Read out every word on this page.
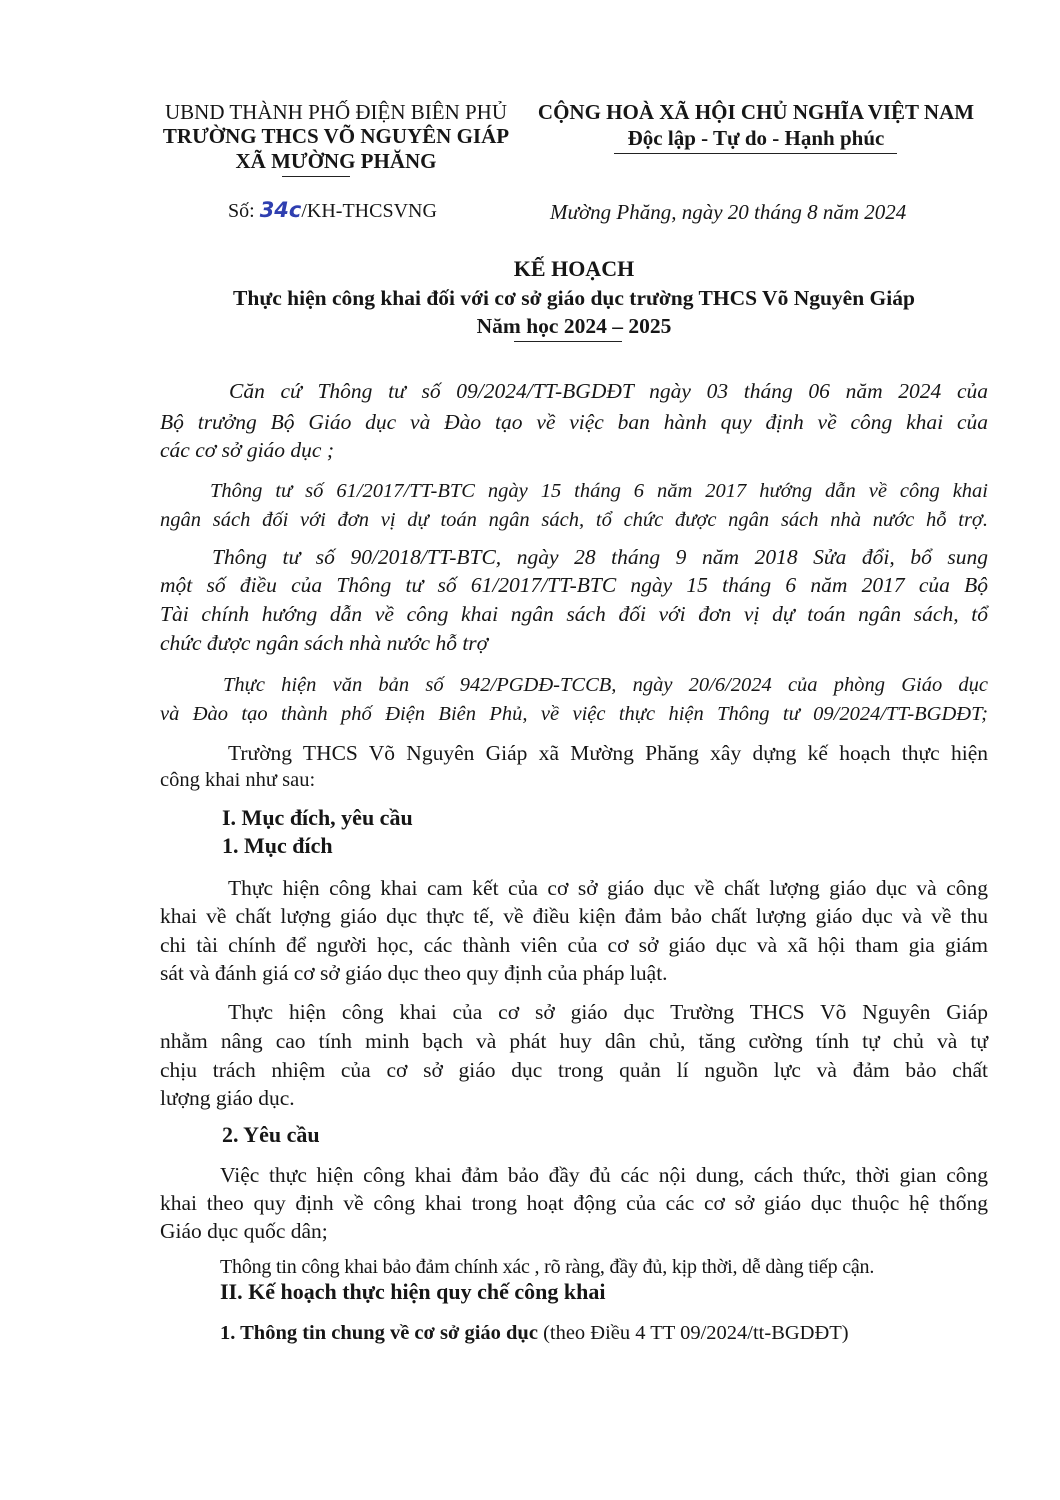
UBND THÀNH PHỐ ĐIỆN BIÊN PHỦ
TRƯỜNG THCS VÕ NGUYÊN GIÁP
XÃ MƯỜNG PHĂNG
CỘNG HOÀ XÃ HỘI CHỦ NGHĨA VIỆT NAM
Độc lập - Tự do - Hạnh phúc
Số: 34c/KH-THCSVNG	Mường Phăng, ngày 20 tháng 8 năm 2024
KẾ HOẠCH
Thực hiện công khai đối với cơ sở giáo dục trường THCS Võ Nguyên Giáp
Năm học 2024 – 2025
Căn cứ Thông tư số 09/2024/TT-BGDĐT ngày 03 tháng 06 năm 2024 của
Bộ trưởng Bộ Giáo dục và Đào tạo về việc ban hành quy định về công khai của
các cơ sở giáo dục ;
Thông tư số 61/2017/TT-BTC ngày 15 tháng 6 năm 2017 hướng dẫn về công khai
ngân sách đối với đơn vị dự toán ngân sách, tổ chức được ngân sách nhà nước hỗ trợ.
Thông tư số 90/2018/TT-BTC, ngày 28 tháng 9 năm 2018 Sửa đổi, bổ sung
một số điều của Thông tư số 61/2017/TT-BTC ngày 15 tháng 6 năm 2017 của Bộ
Tài chính hướng dẫn về công khai ngân sách đối với đơn vị dự toán ngân sách, tổ
chức được ngân sách nhà nước hỗ trợ
Thực hiện văn bản số 942/PGDĐ-TCCB, ngày 20/6/2024 của phòng Giáo dục
và Đào tạo thành phố Điện Biên Phủ, về việc thực hiện Thông tư 09/2024/TT-BGDĐT;
Trường THCS Võ Nguyên Giáp xã Mường Phăng xây dựng kế hoạch thực hiện
công khai như sau:
I. Mục đích, yêu cầu
1. Mục đích
Thực hiện công khai cam kết của cơ sở giáo dục về chất lượng giáo dục và công
khai về chất lượng giáo dục thực tế, về điều kiện đảm bảo chất lượng giáo dục và về thu
chi tài chính để người học, các thành viên của cơ sở giáo dục và xã hội tham gia giám
sát và đánh giá cơ sở giáo dục theo quy định của pháp luật.
Thực hiện công khai của cơ sở giáo dục Trường THCS Võ Nguyên Giáp
nhằm nâng cao tính minh bạch và phát huy dân chủ, tăng cường tính tự chủ và tự
chịu trách nhiệm của cơ sở giáo dục trong quản lí nguồn lực và đảm bảo chất
lượng giáo dục.
2. Yêu cầu
Việc thực hiện công khai đảm bảo đầy đủ các nội dung, cách thức, thời gian công
khai theo quy định về công khai trong hoạt động của các cơ sở giáo dục thuộc hệ thống
Giáo dục quốc dân;
Thông tin công khai bảo đảm chính xác , rõ ràng, đầy đủ, kịp thời, dễ dàng tiếp cận.
II. Kế hoạch thực hiện quy chế công khai
1. Thông tin chung về cơ sở giáo dục (theo Điều 4 TT 09/2024/tt-BGDĐT)
